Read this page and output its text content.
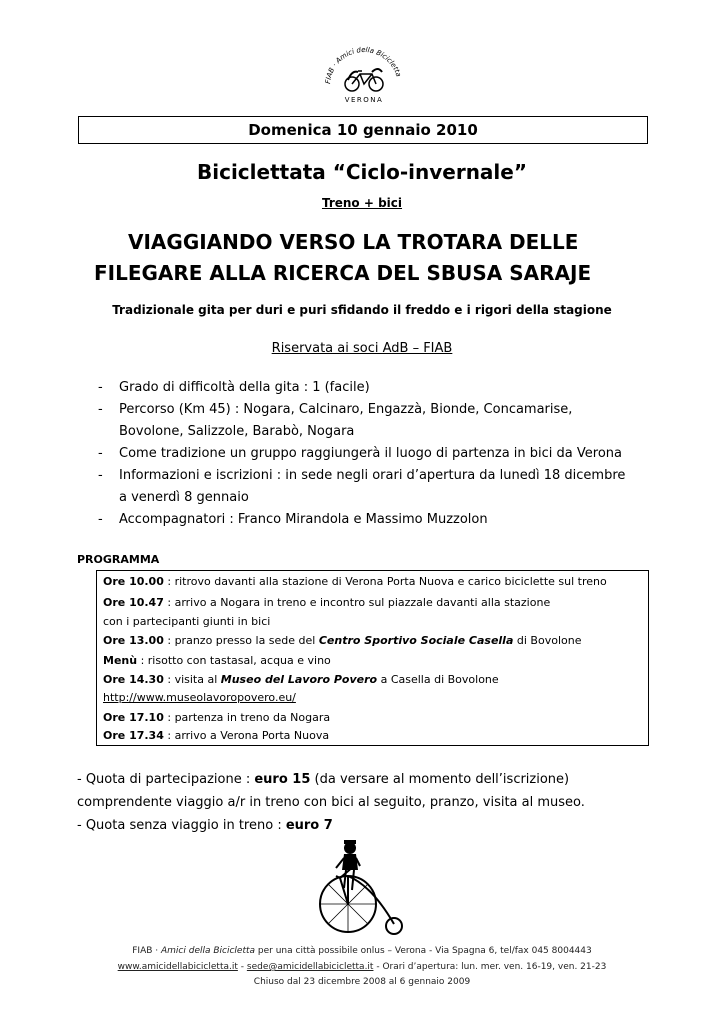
FIAB · Amici della Bicicletta
VERONA
Domenica 10 gennaio 2010
Biciclettata “Ciclo-invernale”
Treno + bici
VIAGGIANDO VERSO LA TROTARA DELLE
FILEGARE ALLA RICERCA DEL SBUSA SARAJE
Tradizionale gita per duri e puri sfidando il freddo e i rigori della stagione
Riservata ai soci AdB – FIAB
- Grado di difficoltà della gita : 1 (facile)
- Percorso (Km 45) : Nogara, Calcinaro, Engazzà, Bionde, Concamarise,
Bovolone, Salizzole, Barabò, Nogara
- Come tradizione un gruppo raggiungerà il luogo di partenza in bici da Verona
- Informazioni e iscrizioni : in sede negli orari d’apertura da lunedì 18 dicembre
a venerdì 8 gennaio
- Accompagnatori : Franco Mirandola e Massimo Muzzolon
PROGRAMMA
Ore 10.00 : ritrovo davanti alla stazione di Verona Porta Nuova e carico biciclette sul treno
Ore 10.47 : arrivo a Nogara in treno e incontro sul piazzale davanti alla stazione
con i partecipanti giunti in bici
Ore 13.00 : pranzo presso la sede del Centro Sportivo Sociale Casella di Bovolone
Menù : risotto con tastasal, acqua e vino
Ore 14.30 : visita al Museo del Lavoro Povero a Casella di Bovolone
http://www.museolavoropovero.eu/
Ore 17.10 : partenza in treno da Nogara
Ore 17.34 : arrivo a Verona Porta Nuova
- Quota di partecipazione : euro 15 (da versare al momento dell’iscrizione)
comprendente viaggio a/r in treno con bici al seguito, pranzo, visita al museo.
- Quota senza viaggio in treno : euro 7
FIAB · Amici della Bicicletta per una città possibile onlus – Verona - Via Spagna 6, tel/fax 045 8004443
www.amicidellabicicletta.it - sede@amicidellabicicletta.it - Orari d’apertura: lun. mer. ven. 16-19, ven. 21-23
Chiuso dal 23 dicembre 2008 al 6 gennaio 2009
